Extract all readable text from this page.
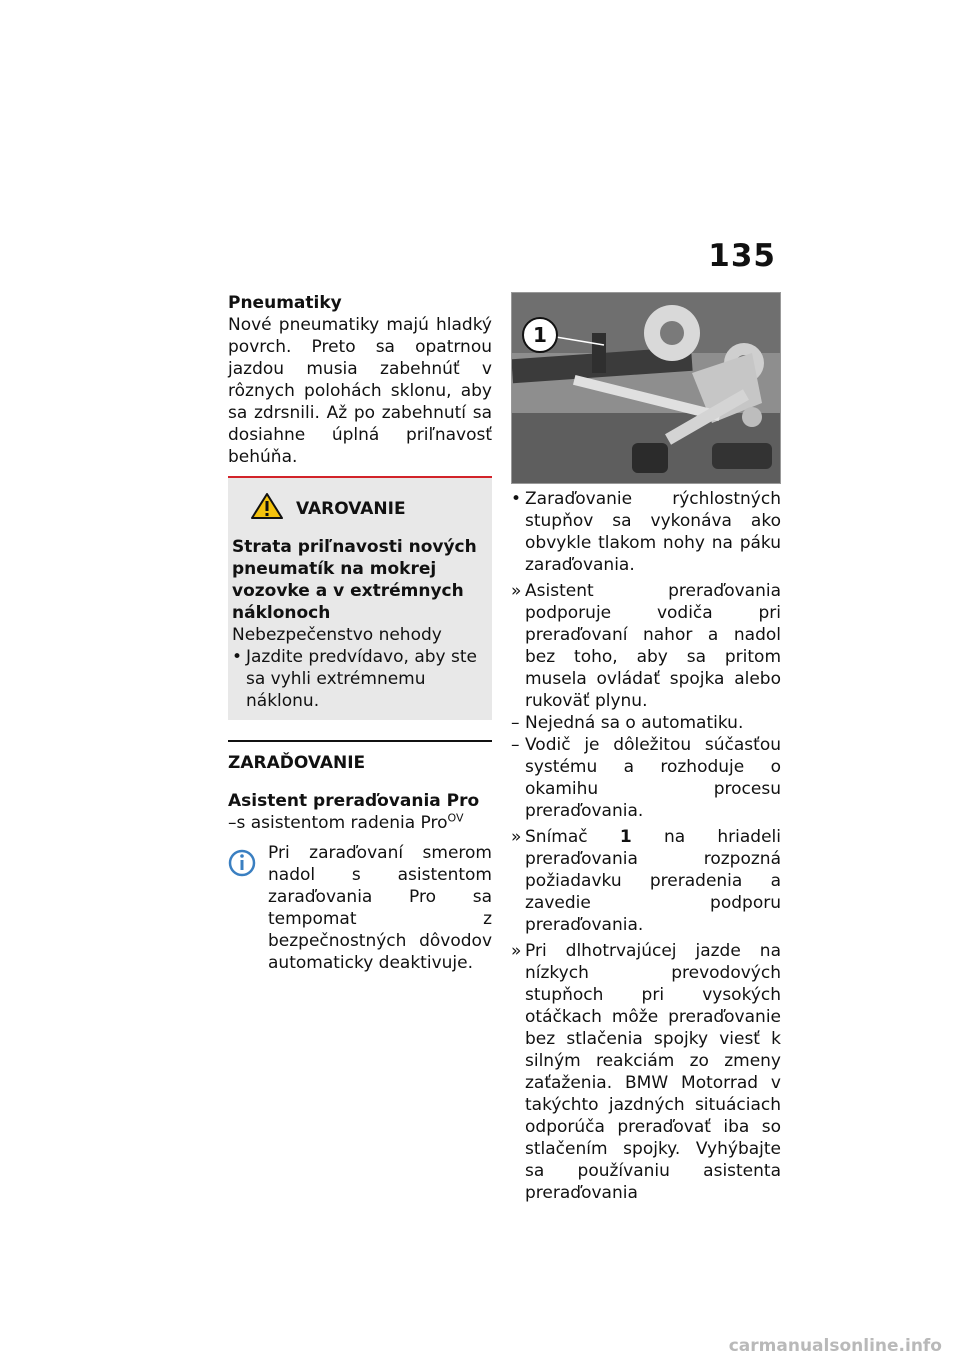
135
Pneumatiky
Nové pneumatiky majú hladký povrch. Preto sa opatrnou jazdou musia zabehnúť v rôznych polohách sklonu, aby sa zdrsnili. Až po zabehnutí sa dosiahne úplná priľnavosť behúňa.
VAROVANIE
Strata priľnavosti nových pneumatík na mokrej vozovke a v extrémnych náklonoch
Nebezpečenstvo nehody
• Jazdite predvídavo, aby ste sa vyhli extrémnemu náklonu.
ZARAĎOVANIE
Asistent preraďovania Pro
–s asistentom radenia Pro$^{OV}$
Pri zaraďovaní smerom nadol s asistentom zaraďovania Pro sa tempomat z bezpečnostných dôvodov automaticky deaktivuje.
1
• Zaraďovanie rýchlostných stupňov sa vykonáva ako obvykle tlakom nohy na páku zaraďovania.
» Asistent preraďovania podporuje vodiča pri preraďovaní nahor a nadol bez toho, aby sa pritom musela ovládať spojka alebo rukoväť plynu.
– Nejedná sa o automatiku.
– Vodič je dôležitou súčasťou systému a rozhoduje o okamihu procesu preraďovania.
» Snímač 1 na hriadeli preraďovania rozpozná požiadavku preradenia a zavedie podporu preraďovania.
» Pri dlhotrvajúcej jazde na nízkych prevodových stupňoch pri vysokých otáčkach môže preraďovanie bez stlačenia spojky viesť k silným reakciám zo zmeny zaťaženia. BMW Motorrad v takýchto jazdných situáciach odporúča preraďovať iba so stlačením spojky. Vyhýbajte sa používaniu asistenta preraďovania
carmanualsonline.info
